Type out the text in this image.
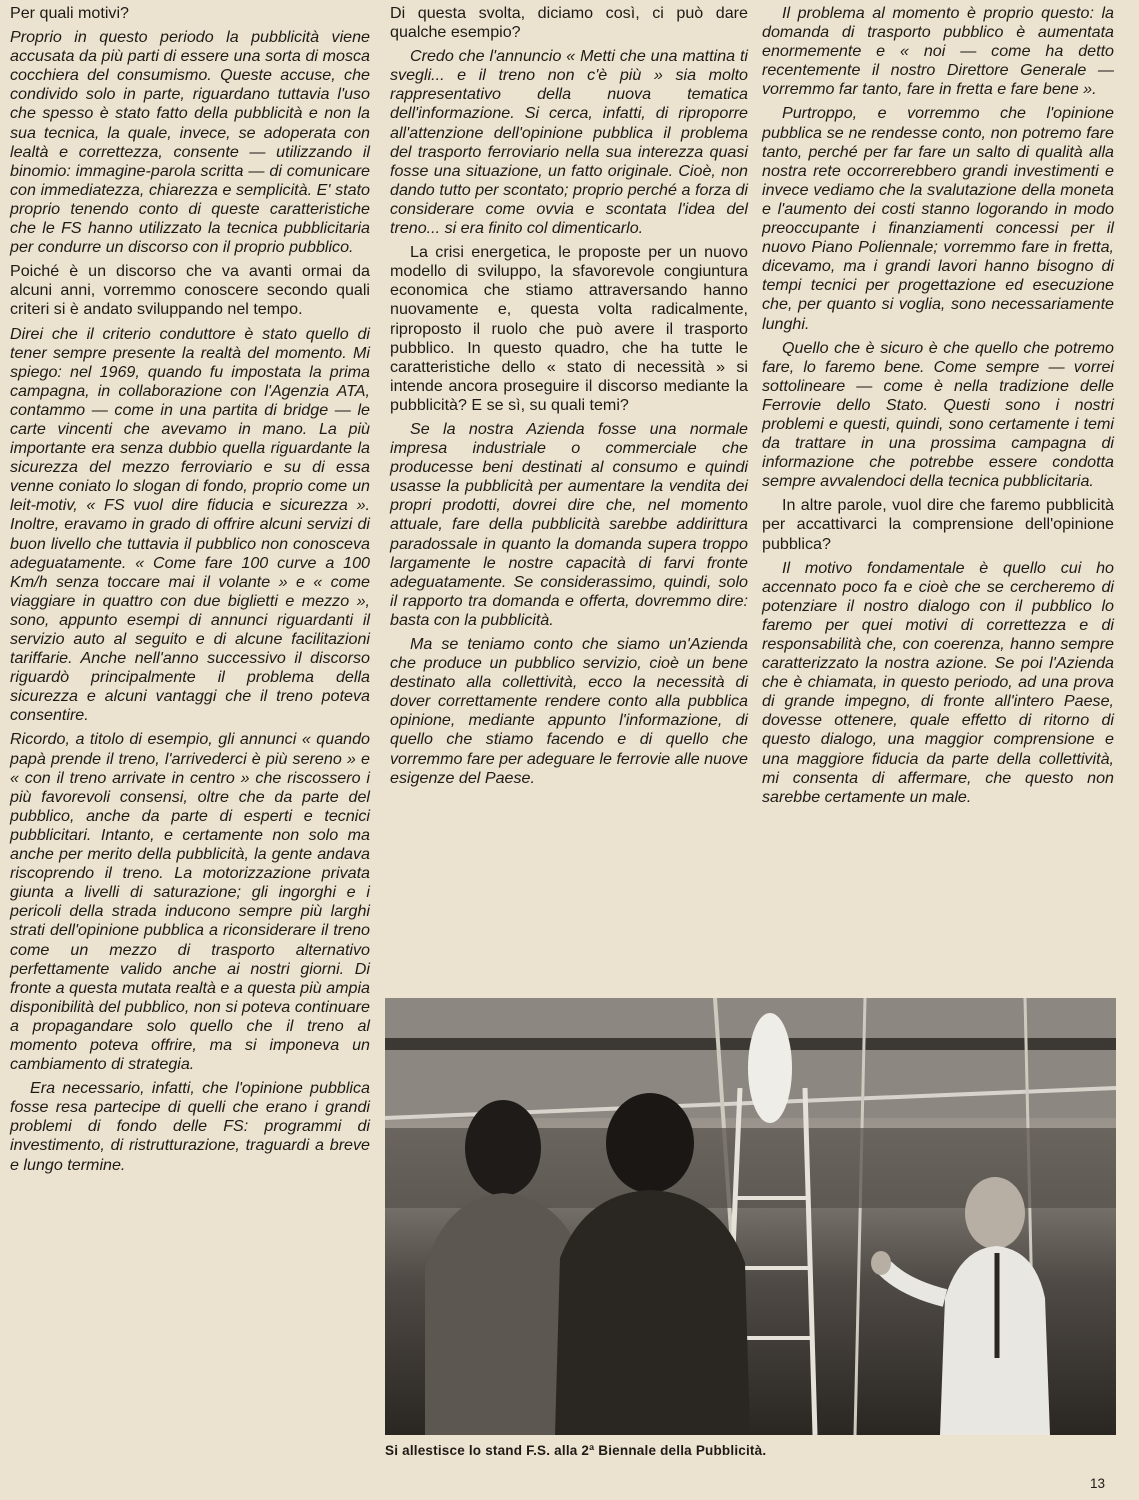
Per quali motivi?

Proprio in questo periodo la pubblicità viene accusata da più parti di essere una sorta di mosca cocchiera del consumismo. Queste accuse, che condivido solo in parte, riguardano tuttavia l'uso che spesso è stato fatto della pubblicità e non la sua tecnica, la quale, invece, se adoperata con lealtà e correttezza, consente — utilizzando il binomio: immagine-parola scritta — di comunicare con immediatezza, chiarezza e semplicità. E' stato proprio tenendo conto di queste caratteristiche che le FS hanno utilizzato la tecnica pubblicitaria per condurre un discorso con il proprio pubblico.

Poiché è un discorso che va avanti ormai da alcuni anni, vorremmo conoscere secondo quali criteri si è andato sviluppando nel tempo.

Direi che il criterio conduttore è stato quello di tener sempre presente la realtà del momento. Mi spiego: nel 1969, quando fu impostata la prima campagna, in collaborazione con l'Agenzia ATA, contammo — come in una partita di bridge — le carte vincenti che avevamo in mano. La più importante era senza dubbio quella riguardante la sicurezza del mezzo ferroviario e su di essa venne coniato lo slogan di fondo, proprio come un leit-motiv, « FS vuol dire fiducia e sicurezza ». Inoltre, eravamo in grado di offrire alcuni servizi di buon livello che tuttavia il pubblico non conosceva adeguatamente. « Come fare 100 curve a 100 Km/h senza toccare mai il volante » e « come viaggiare in quattro con due biglietti e mezzo », sono, appunto esempi di annunci riguardanti il servizio auto al seguito e di alcune facilitazioni tariffarie. Anche nell'anno successivo il discorso riguardò principalmente il problema della sicurezza e alcuni vantaggi che il treno poteva consentire.

Ricordo, a titolo di esempio, gli annunci « quando papà prende il treno, l'arrivederci è più sereno » e « con il treno arrivate in centro » che riscossero i più favorevoli consensi, oltre che da parte del pubblico, anche da parte di esperti e tecnici pubblicitari. Intanto, e certamente non solo ma anche per merito della pubblicità, la gente andava riscoprendo il treno. La motorizzazione privata giunta a livelli di saturazione; gli ingorghi e i pericoli della strada inducono sempre più larghi strati dell'opinione pubblica a riconsiderare il treno come un mezzo di trasporto alternativo perfettamente valido anche ai nostri giorni. Di fronte a questa mutata realtà e a questa più ampia disponibilità del pubblico, non si poteva continuare a propagandare solo quello che il treno al momento poteva offrire, ma si imponeva un cambiamento di strategia.

Era necessario, infatti, che l'opinione pubblica fosse resa partecipe di quelli che erano i grandi problemi di fondo delle FS: programmi di investimento, di ristrutturazione, traguardi a breve e lungo termine.

Di questa svolta, diciamo così, ci può dare qualche esempio?

Credo che l'annuncio « Metti che una mattina ti svegli... e il treno non c'è più » sia molto rappresentativo della nuova tematica dell'informazione. Si cerca, infatti, di riproporre all'attenzione dell'opinione pubblica il problema del trasporto ferroviario nella sua interezza quasi fosse una situazione, un fatto originale. Cioè, non dando tutto per scontato; proprio perché a forza di considerare come ovvia e scontata l'idea del treno... si era finito col dimenticarlo.

La crisi energetica, le proposte per un nuovo modello di sviluppo, la sfavorevole congiuntura economica che stiamo attraversando hanno nuovamente e, questa volta radicalmente, riproposto il ruolo che può avere il trasporto pubblico. In questo quadro, che ha tutte le caratteristiche dello « stato di necessità » si intende ancora proseguire il discorso mediante la pubblicità? E se sì, su quali temi?

Se la nostra Azienda fosse una normale impresa industriale o commerciale che producesse beni destinati al consumo e quindi usasse la pubblicità per aumentare la vendita dei propri prodotti, dovrei dire che, nel momento attuale, fare della pubblicità sarebbe addirittura paradossale in quanto la domanda supera troppo largamente le nostre capacità di farvi fronte adeguatamente. Se considerassimo, quindi, solo il rapporto tra domanda e offerta, dovremmo dire: basta con la pubblicità.

Ma se teniamo conto che siamo un'Azienda che produce un pubblico servizio, cioè un bene destinato alla collettività, ecco la necessità di dover correttamente rendere conto alla pubblica opinione, mediante appunto l'informazione, di quello che stiamo facendo e di quello che vorremmo fare per adeguare le ferrovie alle nuove esigenze del Paese.

Il problema al momento è proprio questo: la domanda di trasporto pubblico è aumentata enormemente e « noi — come ha detto recentemente il nostro Direttore Generale — vorremmo far tanto, fare in fretta e fare bene ».

Purtroppo, e vorremmo che l'opinione pubblica se ne rendesse conto, non potremo fare tanto, perché per far fare un salto di qualità alla nostra rete occorrerebbero grandi investimenti e invece vediamo che la svalutazione della moneta e l'aumento dei costi stanno logorando in modo preoccupante i finanziamenti concessi per il nuovo Piano Poliennale; vorremmo fare in fretta, dicevamo, ma i grandi lavori hanno bisogno di tempi tecnici per progettazione ed esecuzione che, per quanto si voglia, sono necessariamente lunghi.

Quello che è sicuro è che quello che potremo fare, lo faremo bene. Come sempre — vorrei sottolineare — come è nella tradizione delle Ferrovie dello Stato. Questi sono i nostri problemi e questi, quindi, sono certamente i temi da trattare in una prossima campagna di informazione che potrebbe essere condotta sempre avvalendoci della tecnica pubblicitaria.

In altre parole, vuol dire che faremo pubblicità per accattivarci la comprensione dell'opinione pubblica?

Il motivo fondamentale è quello cui ho accennato poco fa e cioè che se cercheremo di potenziare il nostro dialogo con il pubblico lo faremo per quei motivi di correttezza e di responsabilità che, con coerenza, hanno sempre caratterizzato la nostra azione. Se poi l'Azienda che è chiamata, in questo periodo, ad una prova di grande impegno, di fronte all'intero Paese, dovesse ottenere, quale effetto di ritorno di questo dialogo, una maggior comprensione e una maggiore fiducia da parte della collettività, mi consenta di affermare, che questo non sarebbe certamente un male.

Si allestisce lo stand F.S. alla 2ª Biennale della Pubblicità.
13
